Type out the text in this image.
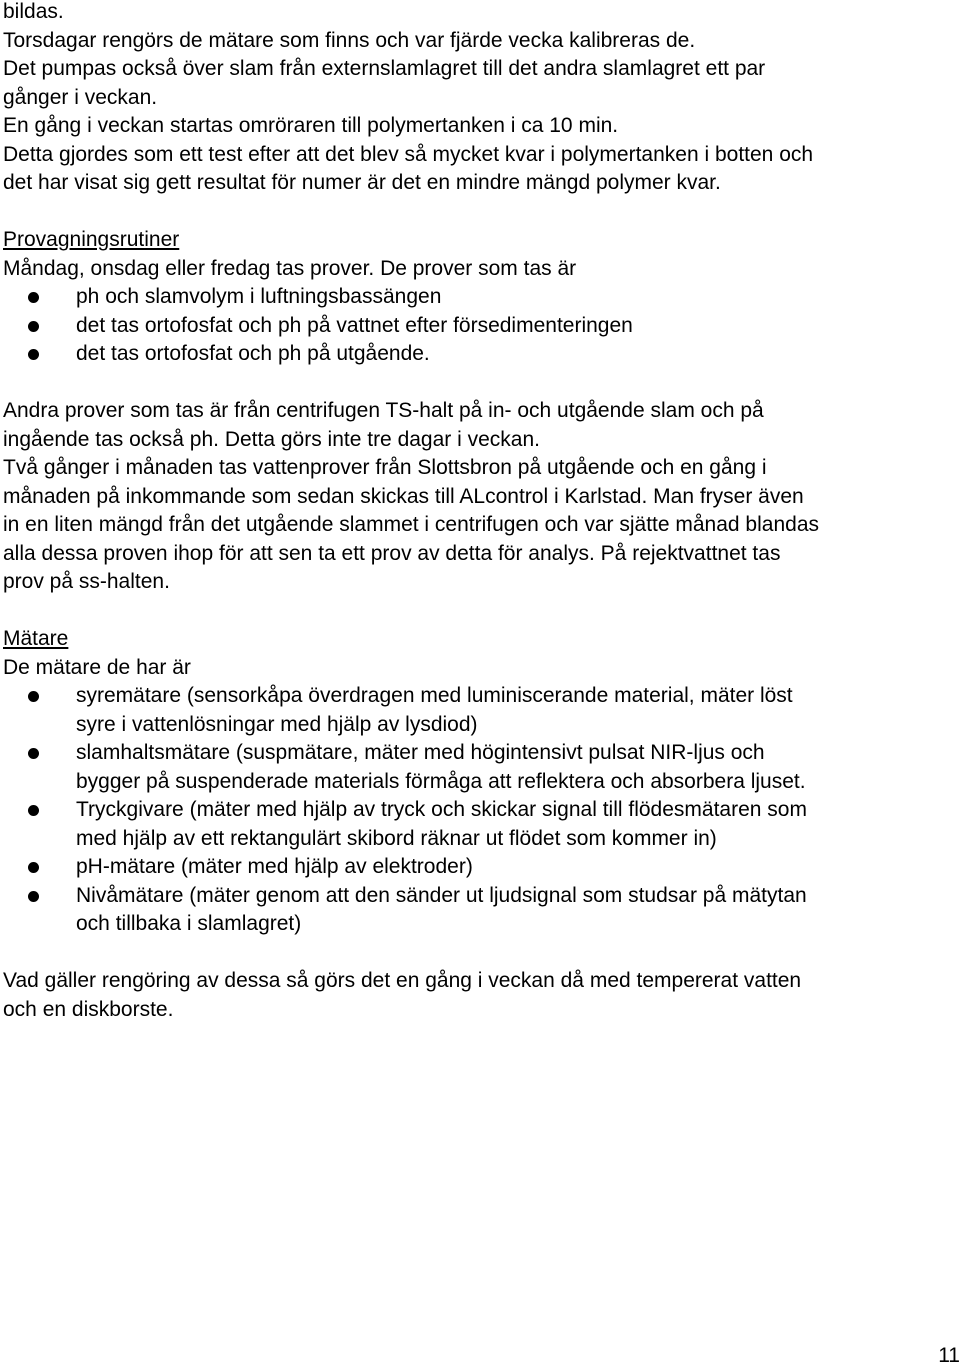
bildas.
Torsdagar rengörs de mätare som finns och var fjärde vecka kalibreras de.
Det pumpas också över slam från externslamlagret till det andra slamlagret ett par
gånger i veckan.
En gång i veckan startas omröraren till polymertanken i ca 10 min.
Detta gjordes som ett test efter att det blev så mycket kvar i polymertanken i botten och
det har visat sig gett resultat för numer är det en mindre mängd polymer kvar.
Provagningsrutiner
Måndag, onsdag eller fredag tas prover. De prover som tas är
ph och slamvolym i luftningsbassängen
det tas ortofosfat och ph på vattnet efter försedimenteringen
det tas ortofosfat och ph på utgående.
Andra prover som tas är från centrifugen TS-halt på in- och utgående slam och på
ingående tas också ph. Detta görs inte tre dagar i veckan.
Två gånger i månaden tas vattenprover från Slottsbron på utgående och en gång i
månaden på inkommande som sedan skickas till ALcontrol i Karlstad. Man fryser även
in en liten mängd från det utgående slammet i centrifugen och var sjätte månad blandas
alla dessa proven ihop för att sen ta ett prov av detta för analys. På rejektvattnet tas
prov på ss-halten.
Mätare
De mätare de har är
syremätare (sensorkåpa överdragen med luminiscerande material, mäter löst
syre i vattenlösningar med hjälp av lysdiod)
slamhaltsmätare (suspmätare, mäter med högintensivt pulsat NIR-ljus och
bygger på suspenderade materials förmåga att reflektera och absorbera ljuset.
Tryckgivare (mäter med hjälp av tryck och skickar signal till flödesmätaren som
med hjälp av ett rektangulärt skibord räknar ut flödet som kommer in)
pH-mätare (mäter med hjälp av elektroder)
Nivåmätare (mäter genom att den sänder ut ljudsignal som studsar på mätytan
och tillbaka i slamlagret)
Vad gäller rengöring av dessa så görs det en gång i veckan då med tempererat vatten
och en diskborste.
11
